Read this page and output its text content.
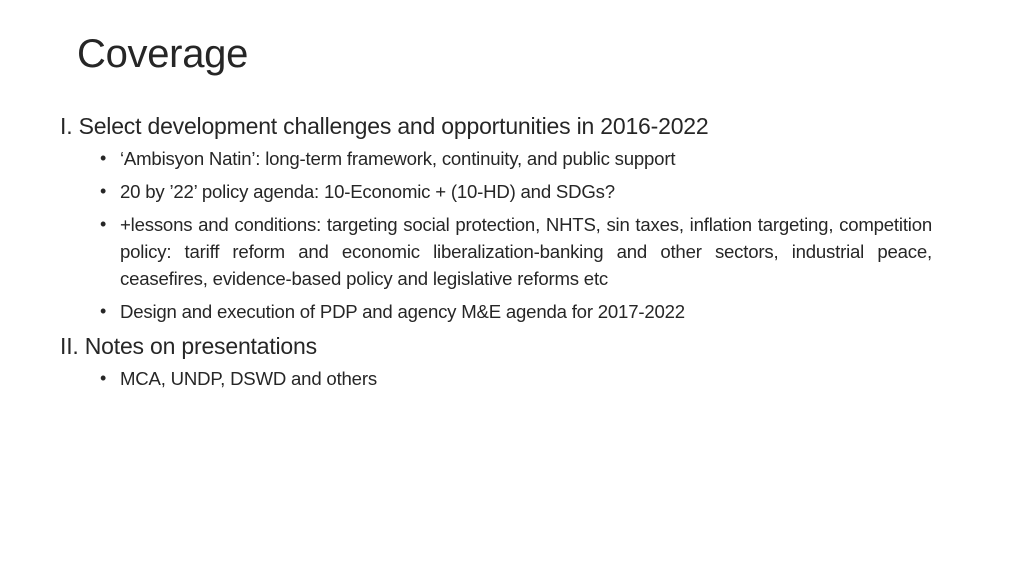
Coverage

I. Select development challenges and opportunities in 2016-2022

• ‘Ambisyon Natin’: long-term framework, continuity, and public support
• 20 by ’22’ policy agenda: 10-Economic + (10-HD) and SDGs?
• +lessons and conditions: targeting social protection, NHTS, sin taxes, inflation targeting, competition policy: tariff reform and economic liberalization-banking and other sectors, industrial peace, ceasefires, evidence-based policy and legislative reforms etc
• Design and execution of PDP and agency M&E agenda for 2017-2022

II. Notes on presentations

• MCA, UNDP, DSWD and others
